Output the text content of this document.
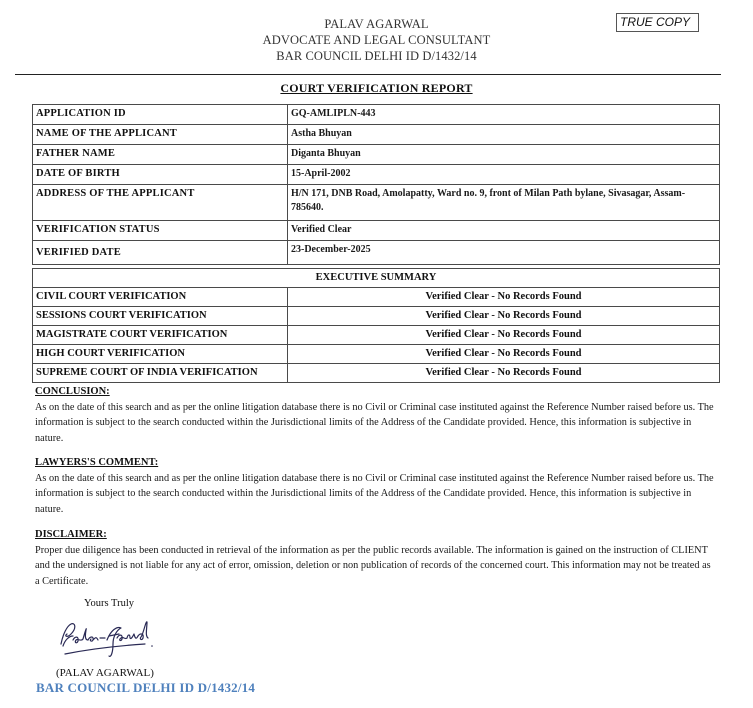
PALAV AGARWAL
ADVOCATE AND LEGAL CONSULTANT
BAR COUNCIL DELHI ID D/1432/14
TRUE COPY
COURT VERIFICATION REPORT
APPLICATION ID	GQ-AMLIPLN-443
NAME OF THE APPLICANT	Astha Bhuyan
FATHER NAME	Diganta Bhuyan
DATE OF BIRTH	15-April-2002
ADDRESS OF THE APPLICANT	H/N 171, DNB Road, Amolapatty, Ward no. 9, front of Milan Path bylane, Sivasagar, Assam-785640.
VERIFICATION STATUS	Verified Clear
VERIFIED DATE	23-December-2025
EXECUTIVE SUMMARY	
CIVIL COURT VERIFICATION	Verified Clear - No Records Found
SESSIONS COURT VERIFICATION	Verified Clear - No Records Found
MAGISTRATE COURT VERIFICATION	Verified Clear - No Records Found
HIGH COURT VERIFICATION	Verified Clear - No Records Found
SUPREME COURT OF INDIA VERIFICATION	Verified Clear - No Records Found
CONCLUSION:
As on the date of this search and as per the online litigation database there is no Civil or Criminal case instituted against the Reference Number raised before us. The information is subject to the search conducted within the Jurisdictional limits of the Address of the Candidate provided. Hence, this information is subjective in nature.
LAWYERS'S COMMENT:
As on the date of this search and as per the online litigation database there is no Civil or Criminal case instituted against the Reference Number raised before us. The information is subject to the search conducted within the Jurisdictional limits of the Address of the Candidate provided. Hence, this information is subjective in nature.
DISCLAIMER:
Proper due diligence has been conducted in retrieval of the information as per the public records available. The information is gained on the instruction of CLIENT and the undersigned is not liable for any act of error, omission, deletion or non publication of records of the concerned court. This information may not be treated as a Certificate.
Yours Truly
(PALAV AGARWAL)
BAR COUNCIL DELHI ID D/1432/14
